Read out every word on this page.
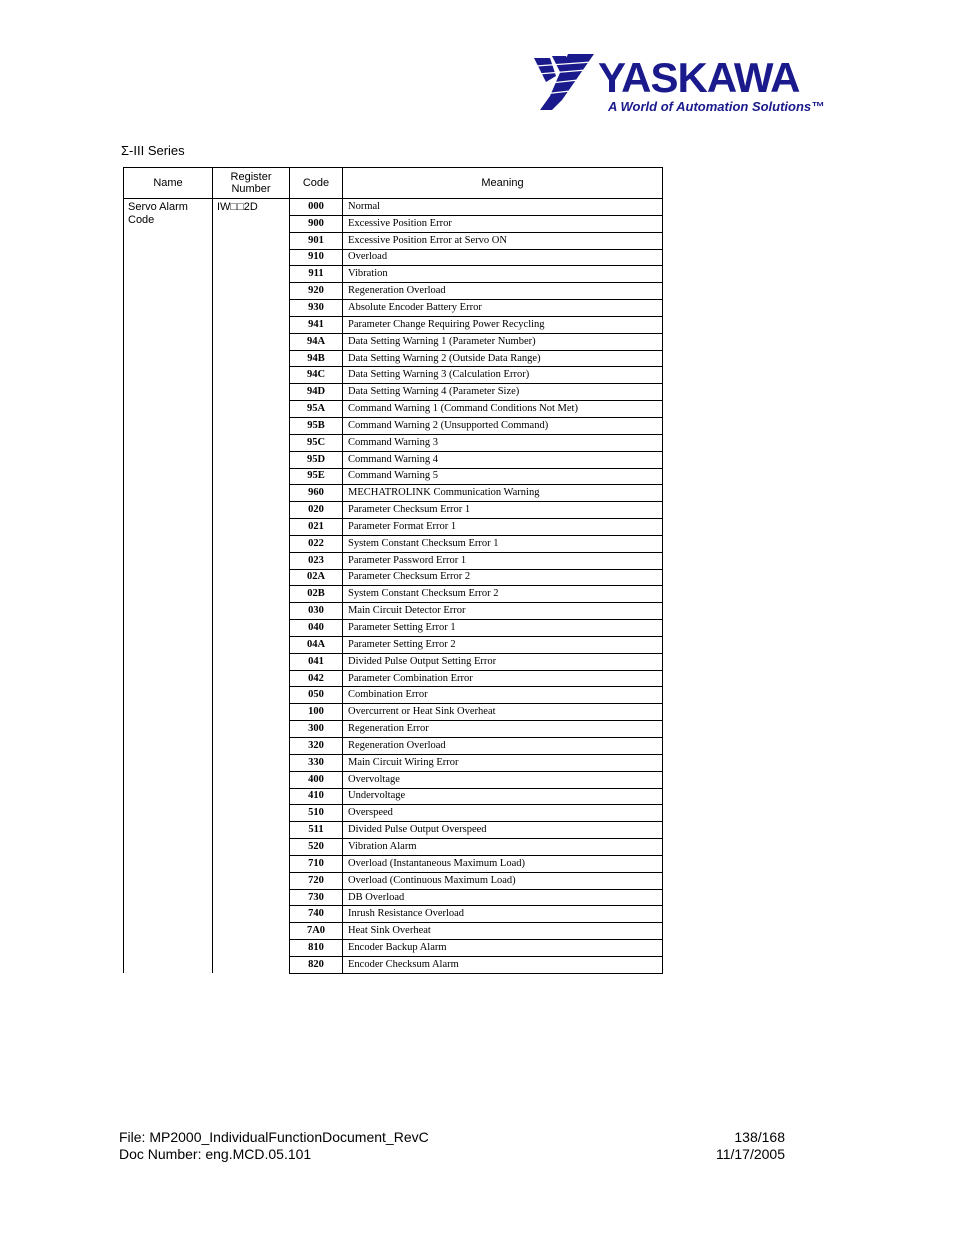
YASKAWA
A World of Automation Solutions™
Σ-III Series
Name	Register Number	Code	Meaning
Servo Alarm Code	IW□□2D	000	Normal
		900	Excessive Position Error
		901	Excessive Position Error at Servo ON
		910	Overload
		911	Vibration
		920	Regeneration Overload
		930	Absolute Encoder Battery Error
		941	Parameter Change Requiring Power Recycling
		94A	Data Setting Warning 1 (Parameter Number)
		94B	Data Setting Warning 2 (Outside Data Range)
		94C	Data Setting Warning 3 (Calculation Error)
		94D	Data Setting Warning 4 (Parameter Size)
		95A	Command Warning 1 (Command Conditions Not Met)
		95B	Command Warning 2 (Unsupported Command)
		95C	Command Warning 3
		95D	Command Warning 4
		95E	Command Warning 5
		960	MECHATROLINK Communication Warning
		020	Parameter Checksum Error 1
		021	Parameter Format Error 1
		022	System Constant Checksum Error 1
		023	Parameter Password Error 1
		02A	Parameter Checksum Error 2
		02B	System Constant Checksum Error 2
		030	Main Circuit Detector Error
		040	Parameter Setting Error 1
		04A	Parameter Setting Error 2
		041	Divided Pulse Output Setting Error
		042	Parameter Combination Error
		050	Combination Error
		100	Overcurrent or Heat Sink Overheat
		300	Regeneration Error
		320	Regeneration Overload
		330	Main Circuit Wiring Error
		400	Overvoltage
		410	Undervoltage
		510	Overspeed
		511	Divided Pulse Output Overspeed
		520	Vibration Alarm
		710	Overload (Instantaneous Maximum Load)
		720	Overload (Continuous Maximum Load)
		730	DB Overload
		740	Inrush Resistance Overload
		7A0	Heat Sink Overheat
		810	Encoder Backup Alarm
		820	Encoder Checksum Alarm
File: MP2000_IndividualFunctionDocument_RevC
Doc Number: eng.MCD.05.101
138/168
11/17/2005
